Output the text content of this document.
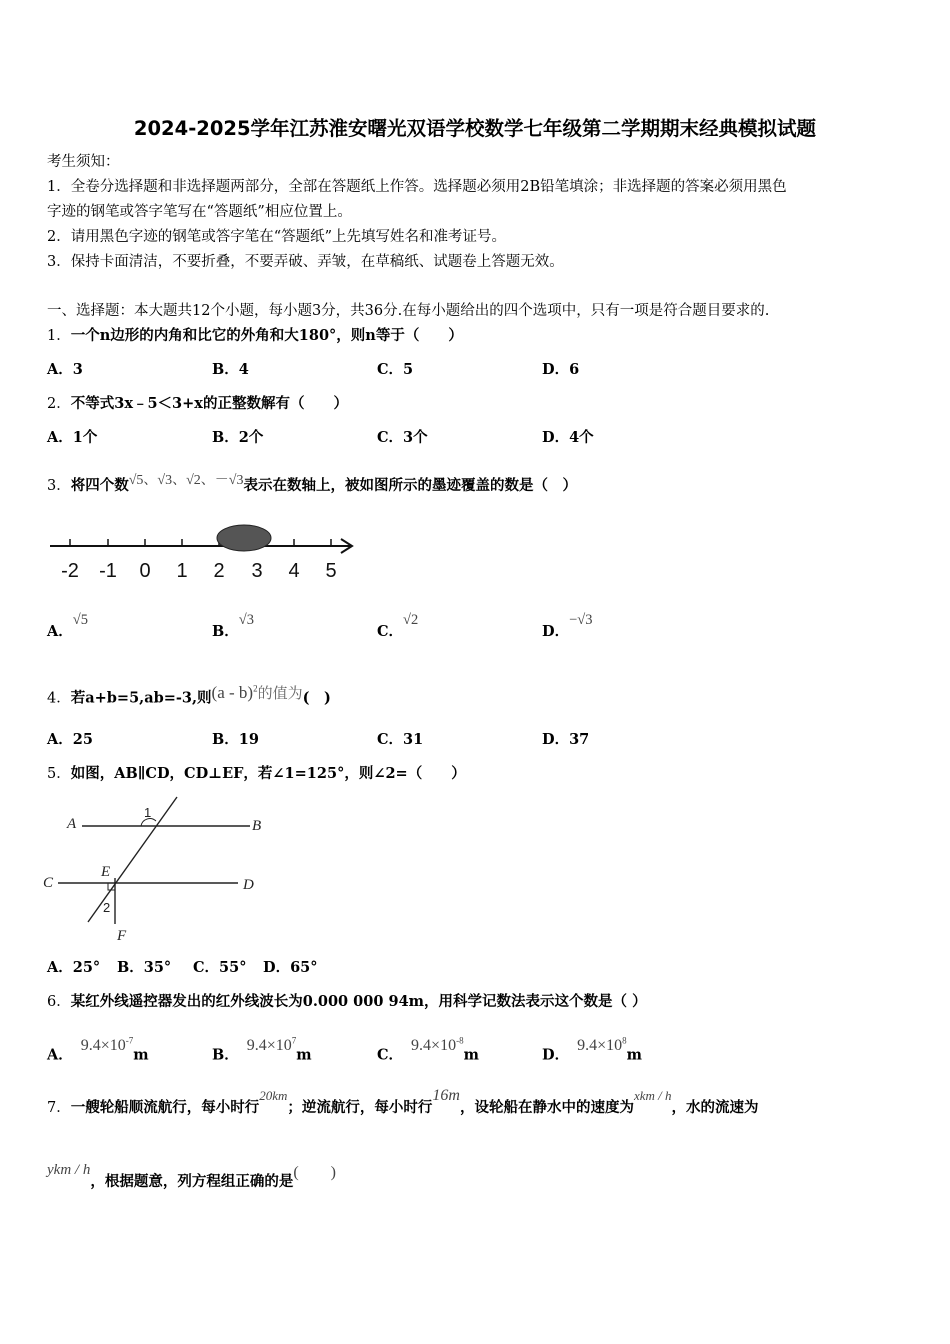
2024-2025学年江苏淮安曙光双语学校数学七年级第二学期期末经典模拟试题
考生须知：
1．全卷分选择题和非选择题两部分，全部在答题纸上作答。选择题必须用2B铅笔填涂；非选择题的答案必须用黑色
字迹的钢笔或答字笔写在“答题纸”相应位置上。
2．请用黑色字迹的钢笔或答字笔在“答题纸”上先填写姓名和准考证号。
3．保持卡面清洁，不要折叠，不要弄破、弄皱，在草稿纸、试题卷上答题无效。
一、选择题：本大题共12个小题，每小题3分，共36分.在每小题给出的四个选项中，只有一项是符合题目要求的.
1．一个n边形的内角和比它的外角和大180°，则n等于（　　）
A．3	B．4	C．5	D．6
2．不等式3x﹣5＜3+x的正整数解有（　　）
A．1个	B．2个	C．3个	D．4个
3．将四个数√5、√3、√2、－√3表示在数轴上，被如图所示的墨迹覆盖的数是（　）
-2 -1 0 1 2 3 4 5
A．√5
B．√3
C．√2
D．−√3
4．若a+b=5,ab=-3,则(a - b)$^2$的值为(　)
A．25	B．19	C．31	D．37
5．如图，AB∥CD，CD⊥EF，若∠1=125°，则∠2=（　　）
A	B
C	D
E
F
1
2
A．25° B．35° C．55° D．65°
6．某红外线遥控器发出的红外线波长为0.000 000 94m，用科学记数法表示这个数是（ ）
A．$9.4\times 10^{-7}m$	B．$9.4\times 10^7m$	C．$9.4\times 10^{-8}m$	D．$9.4\times 10^8m$
7．一艘轮船顺流航行，每小时行20km；逆流航行，每小时行16m，设轮船在静水中的速度为xkm / h，水的流速为
ykm / h，根据题意，列方程组正确的是(　　)
